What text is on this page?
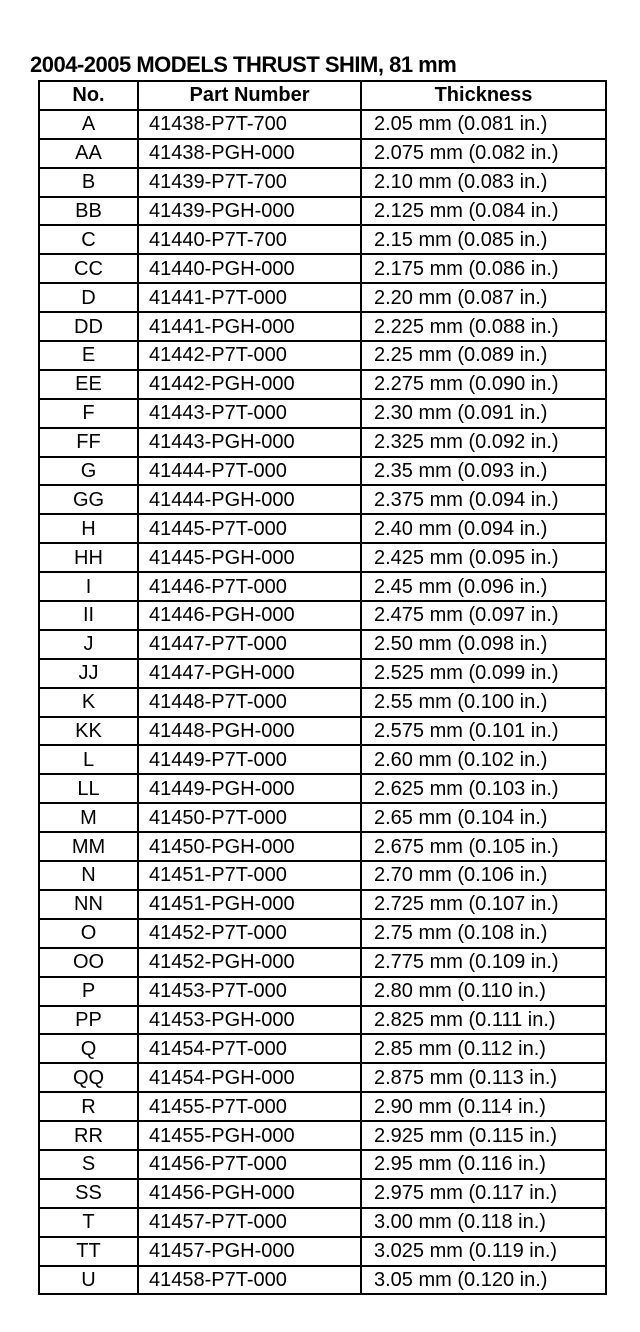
2004-2005 MODELS THRUST SHIM, 81 mm
No.	Part Number	Thickness
A	41438-P7T-700	2.05 mm (0.081 in.)
AA	41438-PGH-000	2.075 mm (0.082 in.)
B	41439-P7T-700	2.10 mm (0.083 in.)
BB	41439-PGH-000	2.125 mm (0.084 in.)
C	41440-P7T-700	2.15 mm (0.085 in.)
CC	41440-PGH-000	2.175 mm (0.086 in.)
D	41441-P7T-000	2.20 mm (0.087 in.)
DD	41441-PGH-000	2.225 mm (0.088 in.)
E	41442-P7T-000	2.25 mm (0.089 in.)
EE	41442-PGH-000	2.275 mm (0.090 in.)
F	41443-P7T-000	2.30 mm (0.091 in.)
FF	41443-PGH-000	2.325 mm (0.092 in.)
G	41444-P7T-000	2.35 mm (0.093 in.)
GG	41444-PGH-000	2.375 mm (0.094 in.)
H	41445-P7T-000	2.40 mm (0.094 in.)
HH	41445-PGH-000	2.425 mm (0.095 in.)
I	41446-P7T-000	2.45 mm (0.096 in.)
II	41446-PGH-000	2.475 mm (0.097 in.)
J	41447-P7T-000	2.50 mm (0.098 in.)
JJ	41447-PGH-000	2.525 mm (0.099 in.)
K	41448-P7T-000	2.55 mm (0.100 in.)
KK	41448-PGH-000	2.575 mm (0.101 in.)
L	41449-P7T-000	2.60 mm (0.102 in.)
LL	41449-PGH-000	2.625 mm (0.103 in.)
M	41450-P7T-000	2.65 mm (0.104 in.)
MM	41450-PGH-000	2.675 mm (0.105 in.)
N	41451-P7T-000	2.70 mm (0.106 in.)
NN	41451-PGH-000	2.725 mm (0.107 in.)
O	41452-P7T-000	2.75 mm (0.108 in.)
OO	41452-PGH-000	2.775 mm (0.109 in.)
P	41453-P7T-000	2.80 mm (0.110 in.)
PP	41453-PGH-000	2.825 mm (0.111 in.)
Q	41454-P7T-000	2.85 mm (0.112 in.)
QQ	41454-PGH-000	2.875 mm (0.113 in.)
R	41455-P7T-000	2.90 mm (0.114 in.)
RR	41455-PGH-000	2.925 mm (0.115 in.)
S	41456-P7T-000	2.95 mm (0.116 in.)
SS	41456-PGH-000	2.975 mm (0.117 in.)
T	41457-P7T-000	3.00 mm (0.118 in.)
TT	41457-PGH-000	3.025 mm (0.119 in.)
U	41458-P7T-000	3.05 mm (0.120 in.)
